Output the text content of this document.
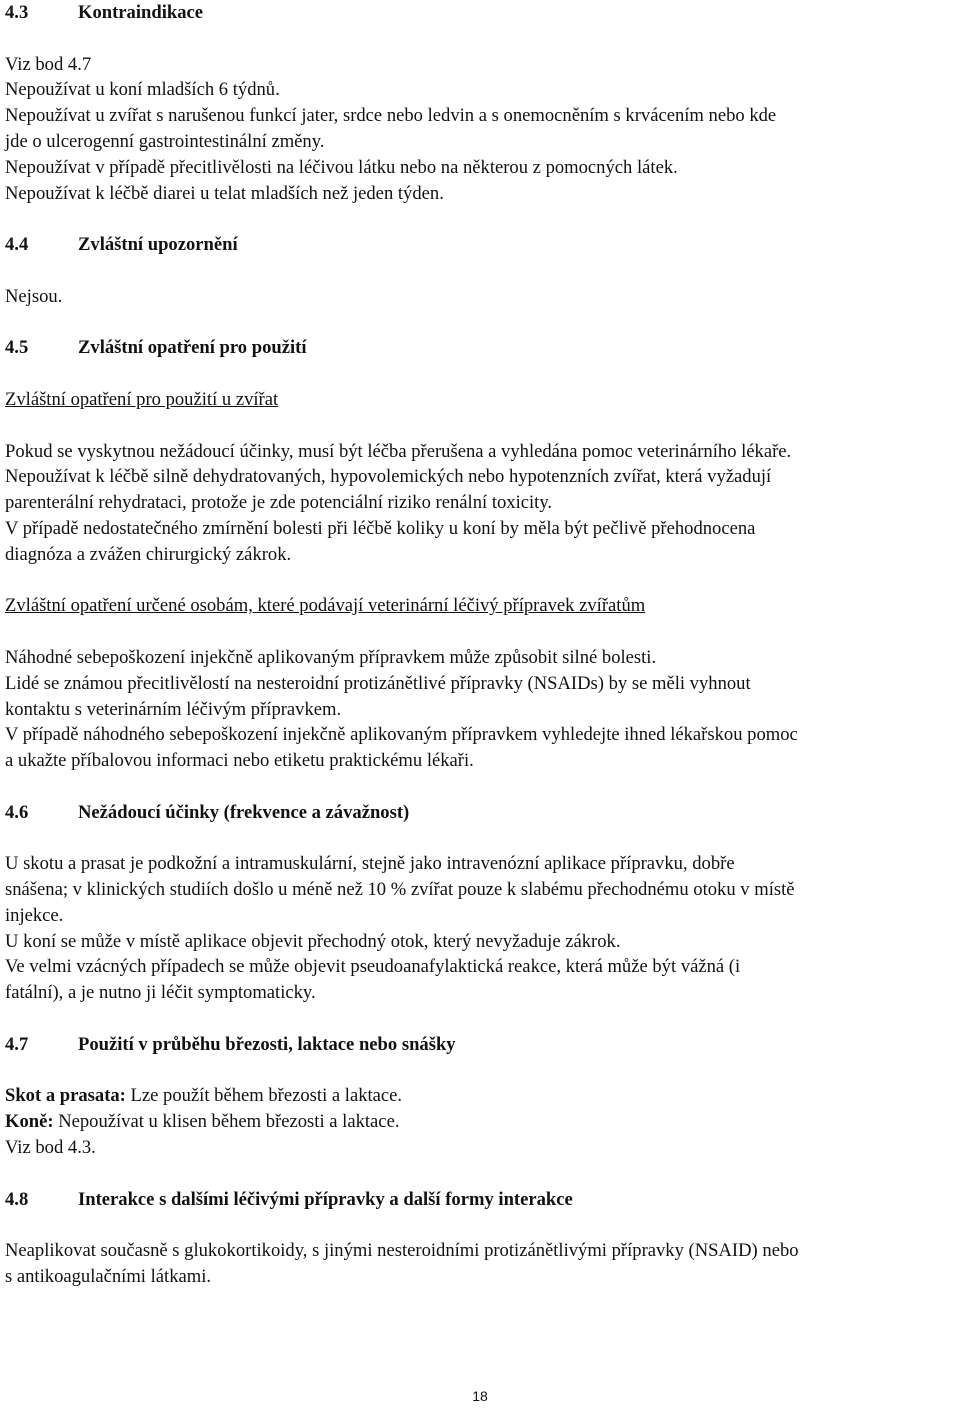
4.3	Kontraindikace
Viz bod 4.7
Nepoužívat u koní mladších 6 týdnů.
Nepoužívat u zvířat s narušenou funkcí jater, srdce nebo ledvin a s onemocněním s krvácením nebo kde
jde o ulcerogenní gastrointestinální změny.
Nepoužívat v případě přecitlivělosti na léčivou látku nebo na některou z pomocných látek.
Nepoužívat k léčbě diarei u telat mladších než jeden týden.
4.4	Zvláštní upozornění
Nejsou.
4.5	Zvláštní opatření pro použití
Zvláštní opatření pro použití u zvířat
Pokud se vyskytnou nežádoucí účinky, musí být léčba přerušena a vyhledána pomoc veterinárního lékaře.
Nepoužívat k léčbě silně dehydratovaných, hypovolemických nebo hypotenzních zvířat, která vyžadují
parenterální rehydrataci, protože je zde potenciální riziko renální toxicity.
V případě nedostatečného zmírnění bolesti při léčbě koliky u koní by měla být pečlivě přehodnocena
diagnóza a zvážen chirurgický zákrok.
Zvláštní opatření určené osobám, které podávají veterinární léčivý přípravek zvířatům
Náhodné sebepoškození injekčně aplikovaným přípravkem může způsobit silné bolesti.
Lidé se známou přecitlivělostí na nesteroidní protizánětlivé přípravky (NSAIDs) by se měli vyhnout
kontaktu s veterinárním léčivým přípravkem.
V případě náhodného sebepoškození injekčně aplikovaným přípravkem vyhledejte ihned lékařskou pomoc
a ukažte příbalovou informaci nebo etiketu praktickému lékaři.
4.6	Nežádoucí účinky (frekvence a závažnost)
U skotu a prasat je podkožní a intramuskulární, stejně jako intravenózní aplikace přípravku, dobře
snášena; v klinických studiích došlo u méně než 10 % zvířat pouze k slabému přechodnému otoku v místě
injekce.
U koní se může v místě aplikace objevit přechodný otok, který nevyžaduje zákrok.
Ve velmi vzácných případech se může objevit pseudoanafylaktická reakce, která může být vážná (i
fatální), a je nutno ji léčit symptomaticky.
4.7	Použití v průběhu březosti, laktace nebo snášky
Skot a prasata: Lze použít během březosti a laktace.
Koně: Nepoužívat u klisen během březosti a laktace.
Viz bod 4.3.
4.8	Interakce s dalšími léčivými přípravky a další formy interakce
Neaplikovat současně s glukokortikoidy, s jinými nesteroidními protizánětlivými přípravky (NSAID) nebo
s antikoagulačními látkami.
18
